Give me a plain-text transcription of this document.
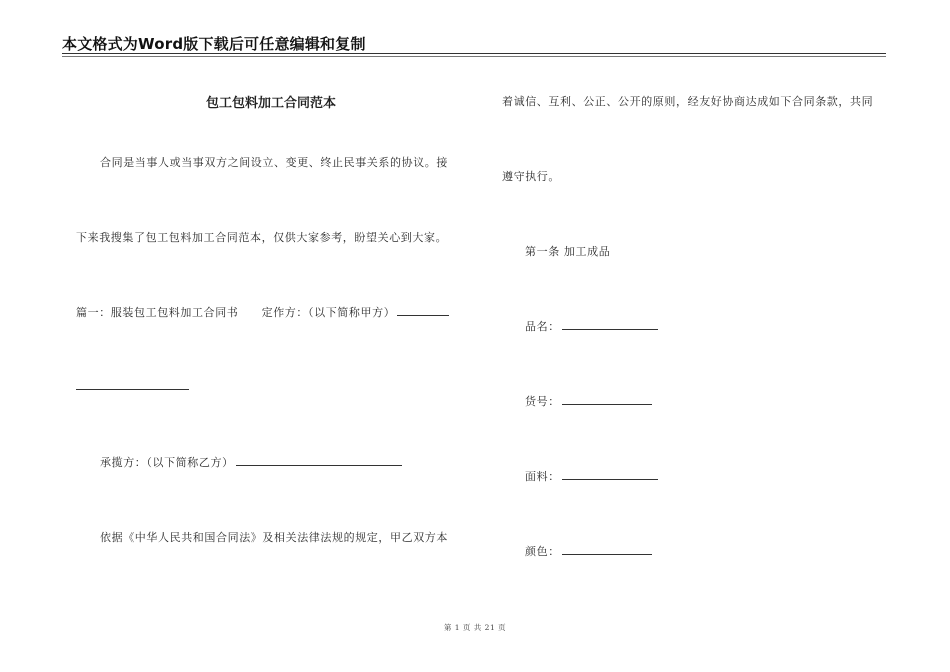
本文格式为Word版下载后可任意编辑和复制
包工包料加工合同范本
合同是当事人或当事双方之间设立、变更、终止民事关系的协议。接
下来我搜集了包工包料加工合同范本，仅供大家参考，盼望关心到大家。
篇一：服装包工包料加工合同书　　定作方：（以下简称甲方）
承揽方：（以下简称乙方）
依据《中华人民共和国合同法》及相关法律法规的规定，甲乙双方本
着诚信、互利、公正、公开的原则，经友好协商达成如下合同条款，共同
遵守执行。
第一条 加工成品
品名：
货号：
面料：
颜色：
第 1 页 共 21 页
